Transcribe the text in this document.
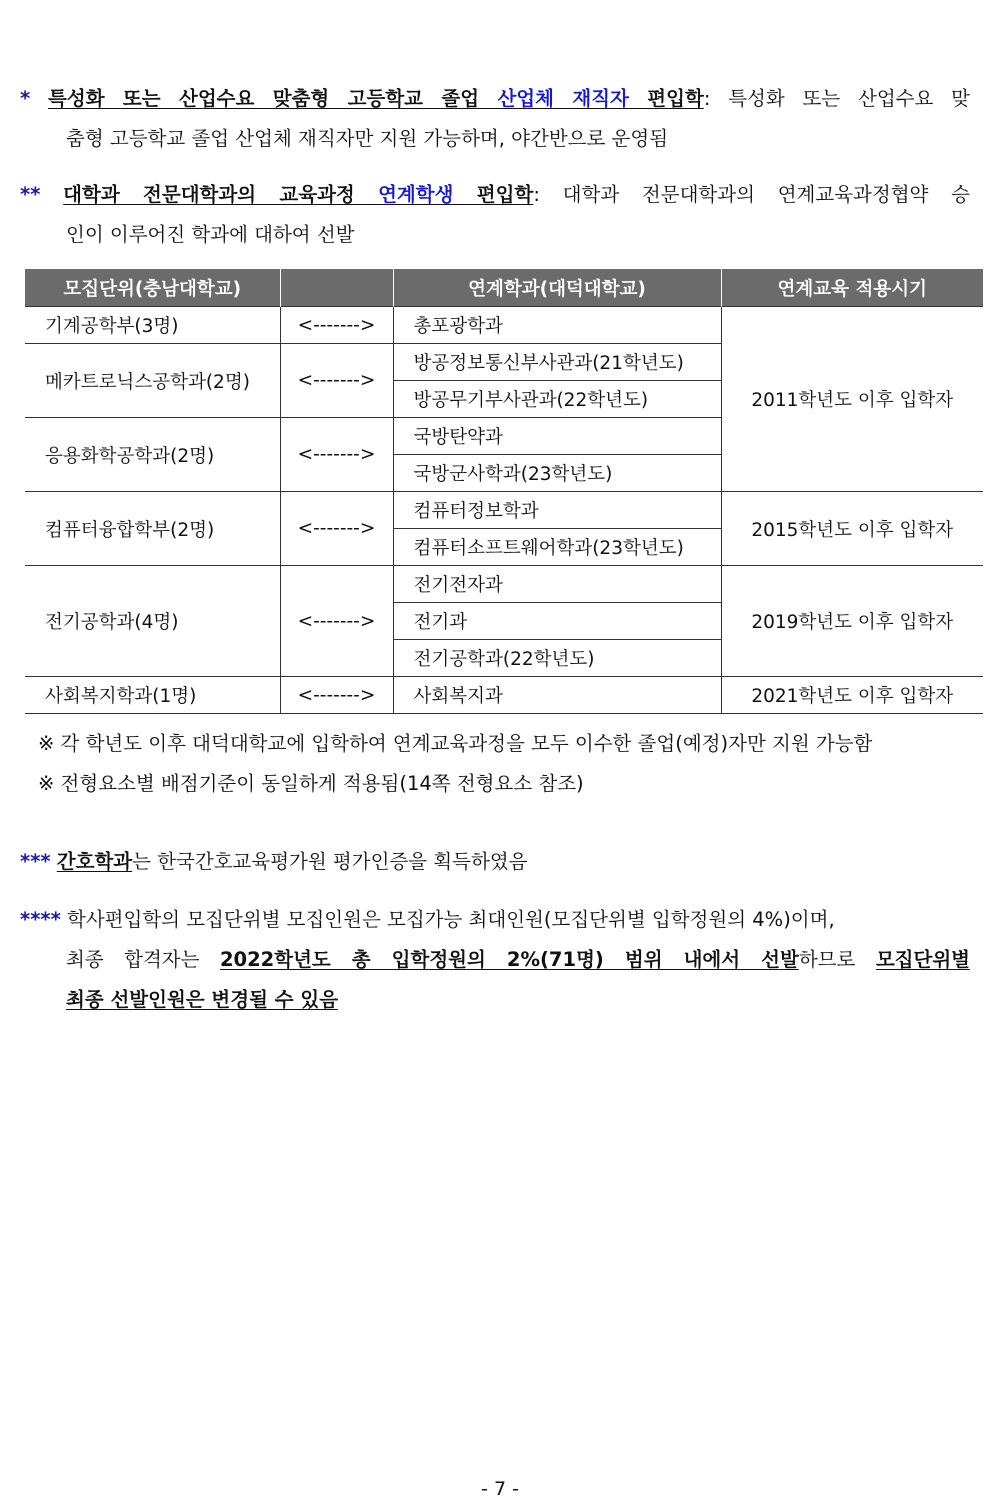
* 특성화 또는 산업수요 맞춤형 고등학교 졸업 산업체 재직자 편입학: 특성화 또는 산업수요 맞
춤형 고등학교 졸업 산업체 재직자만 지원 가능하며, 야간반으로 운영됨
** 대학과 전문대학과의 교육과정 연계학생 편입학: 대학과 전문대학과의 연계교육과정협약 승
인이 이루어진 학과에 대하여 선발
모집단위(충남대학교)		연계학과(대덕대학교)	연계교육 적용시기
기계공학부(3명)	<------->	총포광학과	2011학년도 이후 입학자
메카트로닉스공학과(2명)	<------->	방공정보통신부사관과(21학년도)	
		방공무기부사관과(22학년도)	
응용화학공학과(2명)	<------->	국방탄약과	
		국방군사학과(23학년도)	
컴퓨터융합학부(2명)	<------->	컴퓨터정보학과	2015학년도 이후 입학자
		컴퓨터소프트웨어학과(23학년도)	
전기공학과(4명)	<------->	전기전자과	2019학년도 이후 입학자
		전기과	
		전기공학과(22학년도)	
사회복지학과(1명)	<------->	사회복지과	2021학년도 이후 입학자
※ 각 학년도 이후 대덕대학교에 입학하여 연계교육과정을 모두 이수한 졸업(예정)자만 지원 가능함
※ 전형요소별 배점기준이 동일하게 적용됨(14쪽 전형요소 참조)
*** 간호학과는 한국간호교육평가원 평가인증을 획득하였음
**** 학사편입학의 모집단위별 모집인원은 모집가능 최대인원(모집단위별 입학정원의 4%)이며,
최종 합격자는 2022학년도 총 입학정원의 2%(71명) 범위 내에서 선발하므로 모집단위별
최종 선발인원은 변경될 수 있음
- 7 -
